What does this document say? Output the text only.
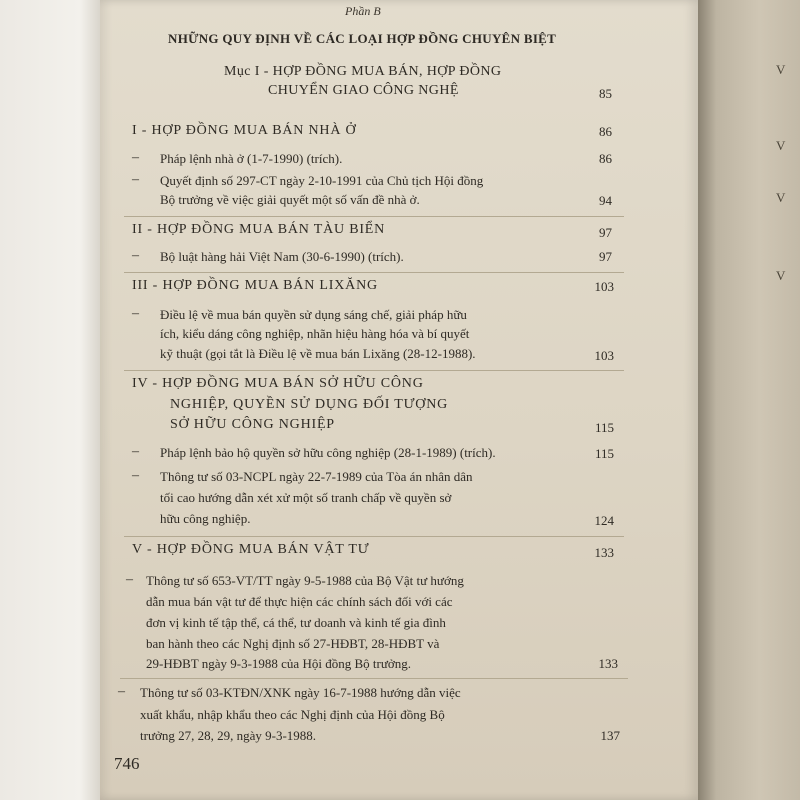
V
V
V
V
Phần B
NHỮNG QUY ĐỊNH VỀ CÁC LOẠI HỢP ĐỒNG CHUYÊN BIỆT
Mục I - HỢP ĐỒNG MUA BÁN, HỢP ĐỒNG
CHUYỂN GIAO CÔNG NGHỆ	85
I - HỢP ĐỒNG MUA BÁN NHÀ Ở	86
– Pháp lệnh nhà ở (1-7-1990) (trích).	86
– Quyết định số 297-CT ngày 2-10-1991 của Chủ tịch Hội đồng
Bộ trưởng về việc giải quyết một số vấn đề nhà ở.	94
II - HỢP ĐỒNG MUA BÁN TÀU BIỂN	97
– Bộ luật hàng hải Việt Nam (30-6-1990) (trích).	97
III - HỢP ĐỒNG MUA BÁN LIXĂNG	103
– Điều lệ về mua bán quyền sử dụng sáng chế, giải pháp hữu
ích, kiểu dáng công nghiệp, nhãn hiệu hàng hóa và bí quyết
kỹ thuật (gọi tắt là Điều lệ về mua bán Lixăng (28-12-1988).	103
IV - HỢP ĐỒNG MUA BÁN SỞ HỮU CÔNG
NGHIỆP, QUYỀN SỬ DỤNG ĐỐI TƯỢNG
SỞ HỮU CÔNG NGHIỆP	115
– Pháp lệnh bảo hộ quyền sở hữu công nghiệp (28-1-1989) (trích).	115
– Thông tư số 03-NCPL ngày 22-7-1989 của Tòa án nhân dân
tối cao hướng dẫn xét xử một số tranh chấp về quyền sở
hữu công nghiệp.	124
V - HỢP ĐỒNG MUA BÁN VẬT TƯ	133
– Thông tư số 653-VT/TT ngày 9-5-1988 của Bộ Vật tư hướng
dẫn mua bán vật tư để thực hiện các chính sách đối với các
đơn vị kinh tế tập thể, cá thể, tư doanh và kinh tế gia đình
ban hành theo các Nghị định số 27-HĐBT, 28-HĐBT và
29-HĐBT ngày 9-3-1988 của Hội đồng Bộ trưởng.	133
– Thông tư số 03-KTĐN/XNK ngày 16-7-1988 hướng dẫn việc
xuất khẩu, nhập khẩu theo các Nghị định của Hội đồng Bộ
trưởng 27, 28, 29, ngày 9-3-1988.	137
746
